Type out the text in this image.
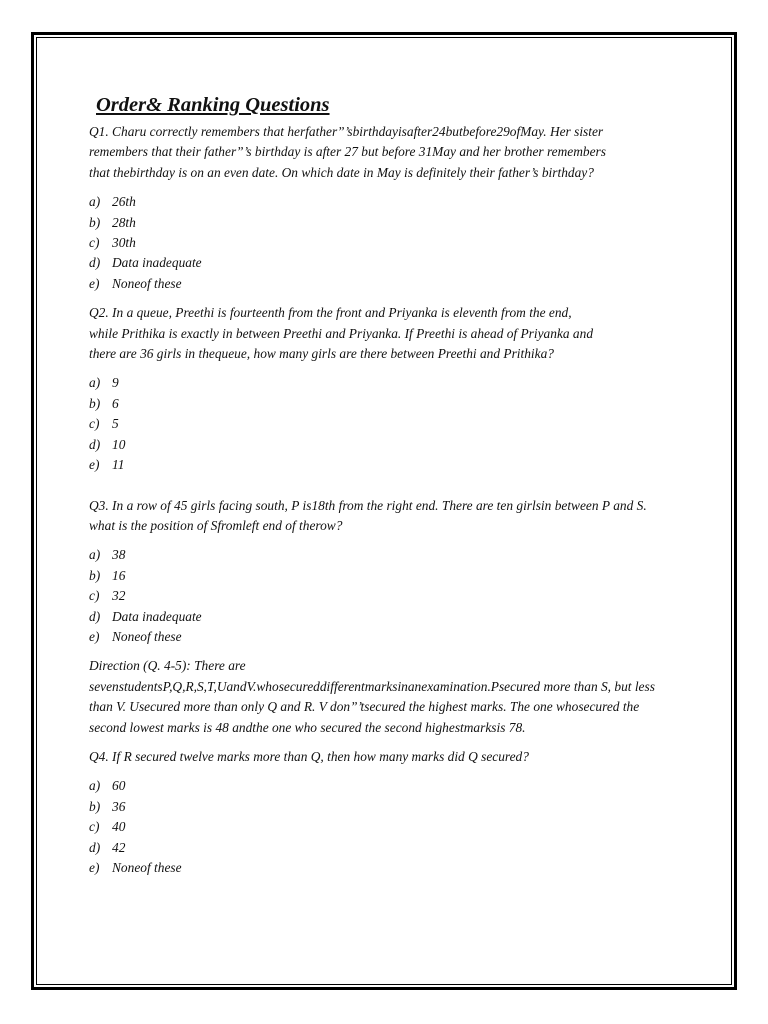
Order& Ranking Questions

Q1. Charu correctly remembers that herfather”’sbirthdayisafter24butbefore29ofMay. Her sister

remembers that their father”’s birthday is after 27 but before 31May and her brother remembers

that thebirthday is on an even date. On which date in May is definitely their father’s birthday?

a) 26th
b) 28th
c) 30th
d) Data inadequate
e) Noneof these

Q2. In a queue, Preethi is fourteenth from the front and Priyanka is eleventh from the end,

while Prithika is exactly in between Preethi and Priyanka. If Preethi is ahead of Priyanka and

there are 36 girls in thequeue, how many girls are there between Preethi and Prithika?

a) 9
b) 6
c) 5
d) 10
e) 11

Q3. In a row of 45 girls facing south, P is18th from the right end. There are ten girlsin between P and S.

what is the position of Sfromleft end of therow?

a) 38
b) 16
c) 32
d) Data inadequate
e) Noneof these

Direction (Q. 4-5): There are

sevenstudentsP,Q,R,S,T,UandV.whosecureddifferentmarksinanexamination.Psecured more than S, but less

than V. Usecured more than only Q and R. V don”’tsecured the highest marks. The one whosecured the

second lowest marks is 48 andthe one who secured the second highestmarksis 78.

Q4. If R secured twelve marks more than Q, then how many marks did Q secured?

a) 60
b) 36
c) 40
d) 42
e) Noneof these
